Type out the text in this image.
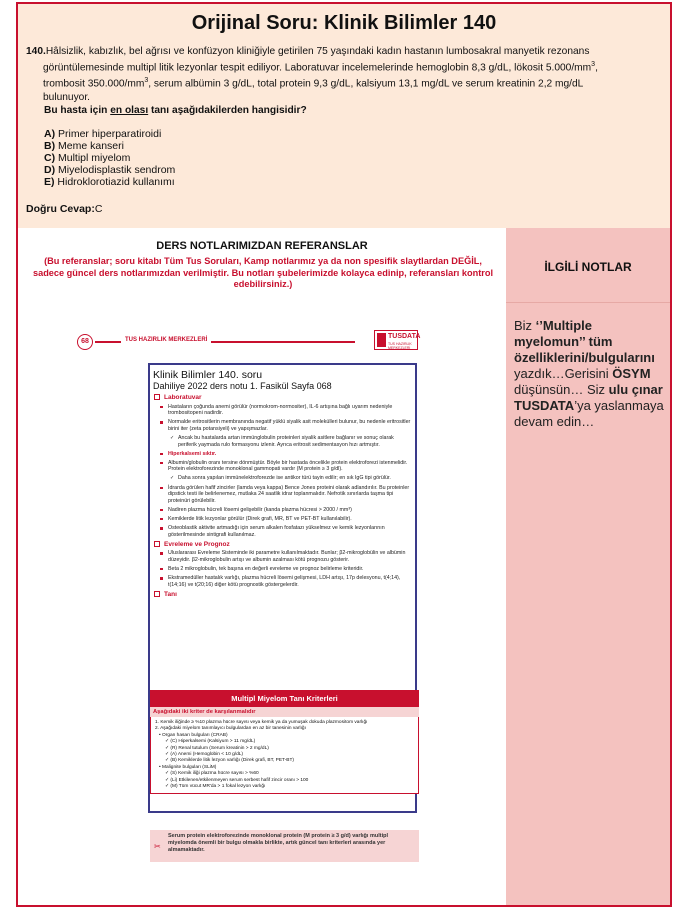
Orijinal Soru: Klinik Bilimler 140
140.Hâlsizlik, kabızlık, bel ağrısı ve konfüzyon kliniğiyle getirilen 75 yaşındaki kadın hastanın lumbosakral manyetik rezonans
görüntülemesinde multipl litik lezyonlar tespit ediliyor. Laboratuvar incelemelerinde hemoglobin 8,3 g/dL, lökosit $5.000/mm^3$,
trombosit $350.000/mm^3$, serum albümin 3 g/dL, total protein 9,3 g/dL, kalsiyum 13,1 mg/dL ve serum kreatinin 2,2 mg/dL
bulunuyor.
Bu hasta için en olası tanı aşağıdakilerden hangisidir?
A) Primer hiperparatiroidi
B) Meme kanseri
C) Multipl miyelom
D) Miyelodisplastik sendrom
E) Hidroklorotiazid kullanımı
Doğru Cevap:C
DERS NOTLARIMIZDAN REFERANSLAR
(Bu referanslar; soru kitabı Tüm Tus Soruları, Kamp notlarımız ya da non spesifik slaytlardan DEĞİL, sadece güncel ders notlarımızdan verilmiştir. Bu notları şubelerimizde kolayca edinip, referansları kontrol edebilirsiniz.)
68	TUS HAZIRLIK MERKEZLERİ	TUSDATA
TUS HAZIRLIK MERKEZLERİ
Klinik Bilimler 140. soru
Dahiliye 2022 ders notu 1. Fasikül Sayfa 068
Laboratuvar
Hastaların çoğunda anemi görülür (normokrom-normositer), IL-6 artışına bağlı uyarım nedeniyle trombositopeni nadirdir.
Normalde eritrositlerin membranında negatif yüklü siyalik asit molekülleri bulunur, bu nedenle eritrositler birini iter (zeta potansiyeli) ve yapışmazlar.
✓ Ancak bu hastalarda artan immünglobulin proteinleri siyalik asitlere bağlanır ve sonuç olarak periferik yaymada rulo formasyonu izlenir. Ayrıca eritrosit sedimentasyon hızı artmıştır.
Hiperkalsemi sıktır.
Albumin/globulin oranı tersine dönmüştür. Böyle bir hastada öncelikle protein elektroforezi istenmelidir. Protein elektroforezinde monoklonal gammopati vardır (M protein ≥ 3 g/dl).
✓ Daha sonra yapılan immünelektroforezde ise antikor türü tayin edilir; en sık IgG tipi görülür.
İdrarda görülen hafif zincirler (lamda veya kappa) Bence Jones proteini olarak adlandırılır. Bu proteinler dipstick testi ile belirlenemez, mutlaka 24 saatlik idrar toplanmalıdır. Nefrotik sınırlarda taşma tipi proteinüri görülebilir.
Nadiren plazma hücreli lösemi gelişebilir (kanda plazma hücresi > 2000 / mm³)
Kemiklerde litik lezyonlar görülür (Direk grafi, MR, BT ve PET-BT kullanılabilir).
Osteoblastik aktivite artmadığı için serum alkalen fosfatazı yükselmez ve kemik lezyonlarının gösterilmesinde sintigrafi kullanılmaz.
Evreleme ve Prognoz
Uluslararası Evreleme Sisteminde iki parametre kullanılmaktadır. Bunlar; β2-mikroglobülin ve albümin düzeyidir. β2-mikroglobulin artışı ve albumin azalması kötü prognozu gösterir.
Beta 2 mikroglobulin, tek başına en değerli evreleme ve prognoz belirleme kriteridir.
Ekstramedüller hastalık varlığı, plazma hücreli lösemi gelişmesi, LDH artışı, 17p delesyonu, t(4;14), t(14;16) ve t(20;16) diğer kötü prognostik göstergelerdir.
Tanı
Multipl Miyelom Tanı Kriterleri
Aşağıdaki iki kriter de karşılanmalıdır
1. Kemik iliğinde ≥ %10 plazma hücre sayısı veya kemik ya da yumuşak dokuda plazmositom varlığı
2. Aşağıdaki miyelom tanımlayıcı bulgulardan en az bir tanesinin varlığı
• Organ hasarı bulguları (CRAB)
✓ (C) Hiperkalsemi (Kalsiyum > 11 mg/dL)
✓ (R) Renal tutulum (Serum kreatinin > 2 mg/dL)
✓ (A) Anemi (Hemoglobin < 10 g/dL)
✓ (B) Kemiklerde litik lezyon varlığı (Direk grafi, BT, PET-BT)
• Malignite bulguları (SLiM)
✓ (S) Kemik iliği plazma hücre sayısı > %60
✓ (Li) Etkilenen/etkilenmeyen serum serbest hafif zincir oranı > 100
✓ (M) Tüm vücut MR'da > 1 fokal lezyon varlığı
✂
Serum protein elektroforezinde monoklonal protein (M protein ≥ 3 g/d) varlığı multipl miyelomda önemli bir bulgu olmakla birlikte, artık güncel tanı kriterleri arasında yer almamaktadır.
İLGİLİ NOTLAR
Biz ‘’Multiple myelomun’’ tüm özelliklerini/bulgularını yazdık…Gerisini ÖSYM düşünsün… Siz ulu çınar TUSDATA’ya yaslanmaya devam edin…
